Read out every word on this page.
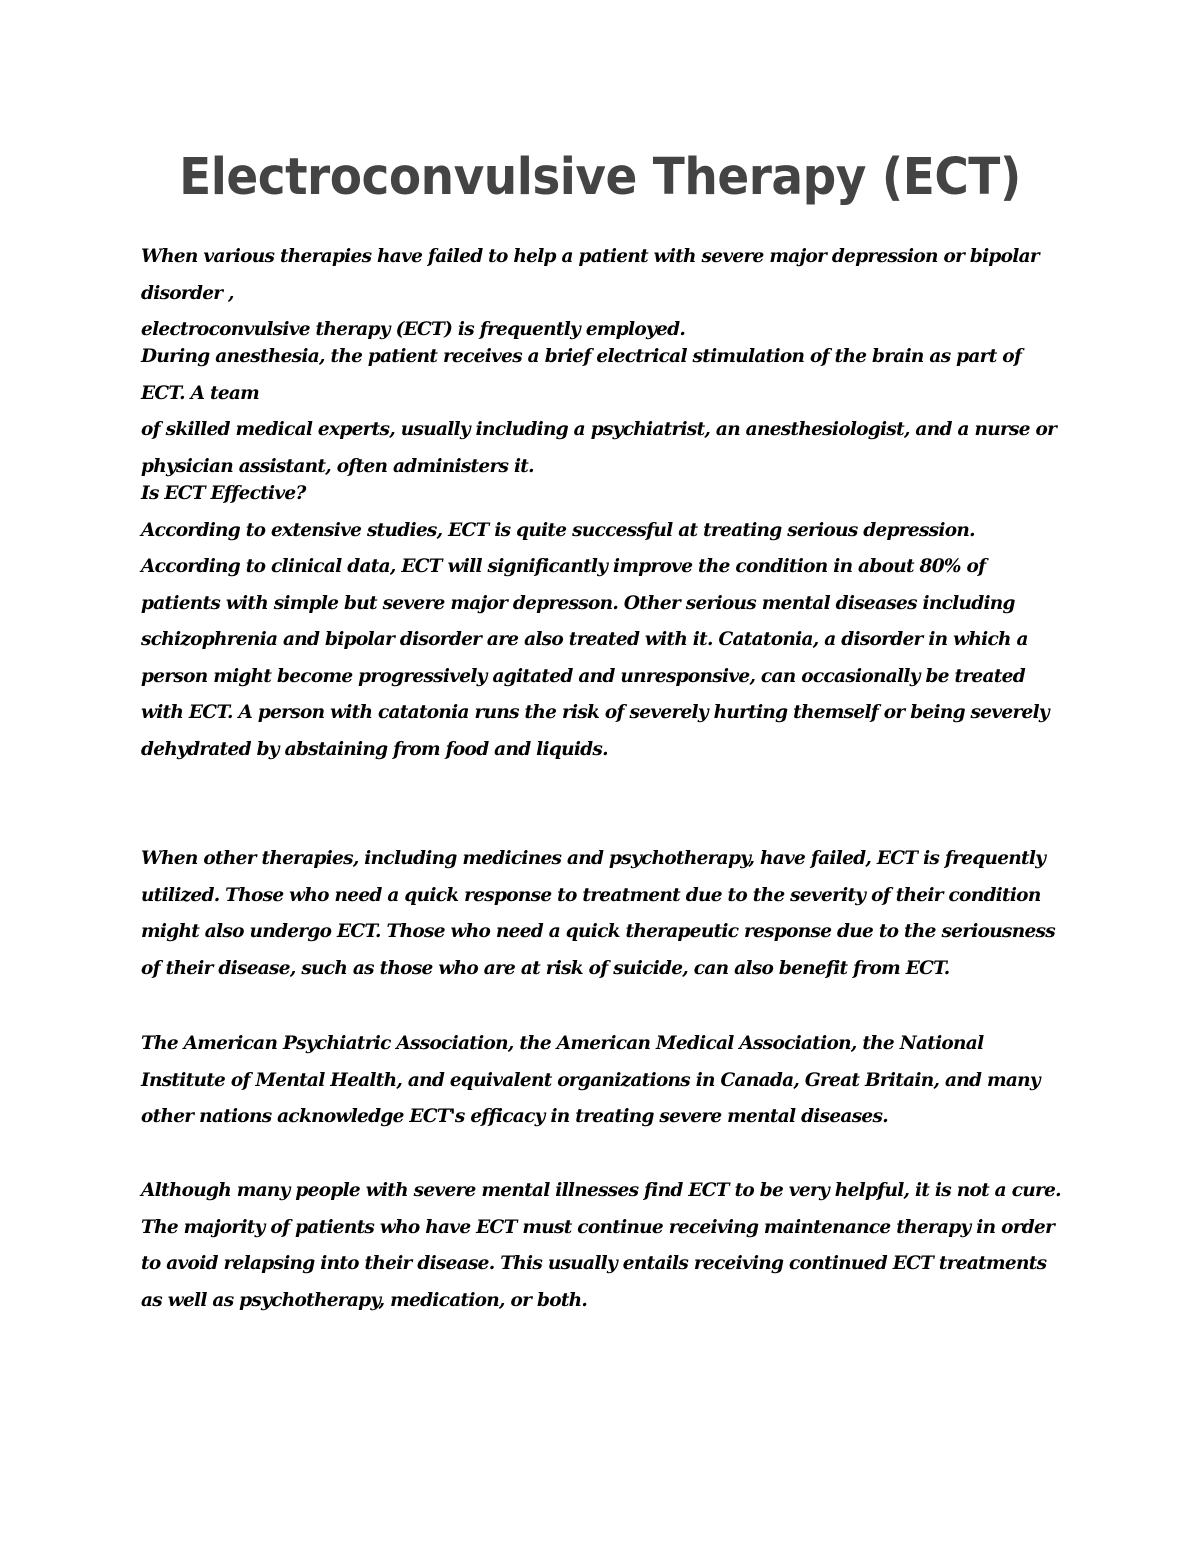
Electroconvulsive Therapy (ECT)

When various therapies have failed to help a patient with severe major depression or bipolar disorder ,
electroconvulsive therapy (ECT) is frequently employed.

During anesthesia, the patient receives a brief electrical stimulation of the brain as part of ECT. A team
of skilled medical experts, usually including a psychiatrist, an anesthesiologist, and a nurse or
physician assistant, often administers it.

Is ECT Effective?
According to extensive studies, ECT is quite successful at treating serious depression.
According to clinical data, ECT will significantly improve the condition in about 80% of
patients with simple but severe major depresson. Other serious mental diseases including
schizophrenia and bipolar disorder are also treated with it. Catatonia, a disorder in which a
person might become progressively agitated and unresponsive, can occasionally be treated
with ECT. A person with catatonia runs the risk of severely hurting themself or being severely
dehydrated by abstaining from food and liquids.

When other therapies, including medicines and psychotherapy, have failed, ECT is frequently
utilized. Those who need a quick response to treatment due to the severity of their condition
might also undergo ECT. Those who need a quick therapeutic response due to the seriousness
of their disease, such as those who are at risk of suicide, can also benefit from ECT.

The American Psychiatric Association, the American Medical Association, the National
Institute of Mental Health, and equivalent organizations in Canada, Great Britain, and many
other nations acknowledge ECT's efficacy in treating severe mental diseases.

Although many people with severe mental illnesses find ECT to be very helpful, it is not a cure.
The majority of patients who have ECT must continue receiving maintenance therapy in order
to avoid relapsing into their disease. This usually entails receiving continued ECT treatments
as well as psychotherapy, medication, or both.
